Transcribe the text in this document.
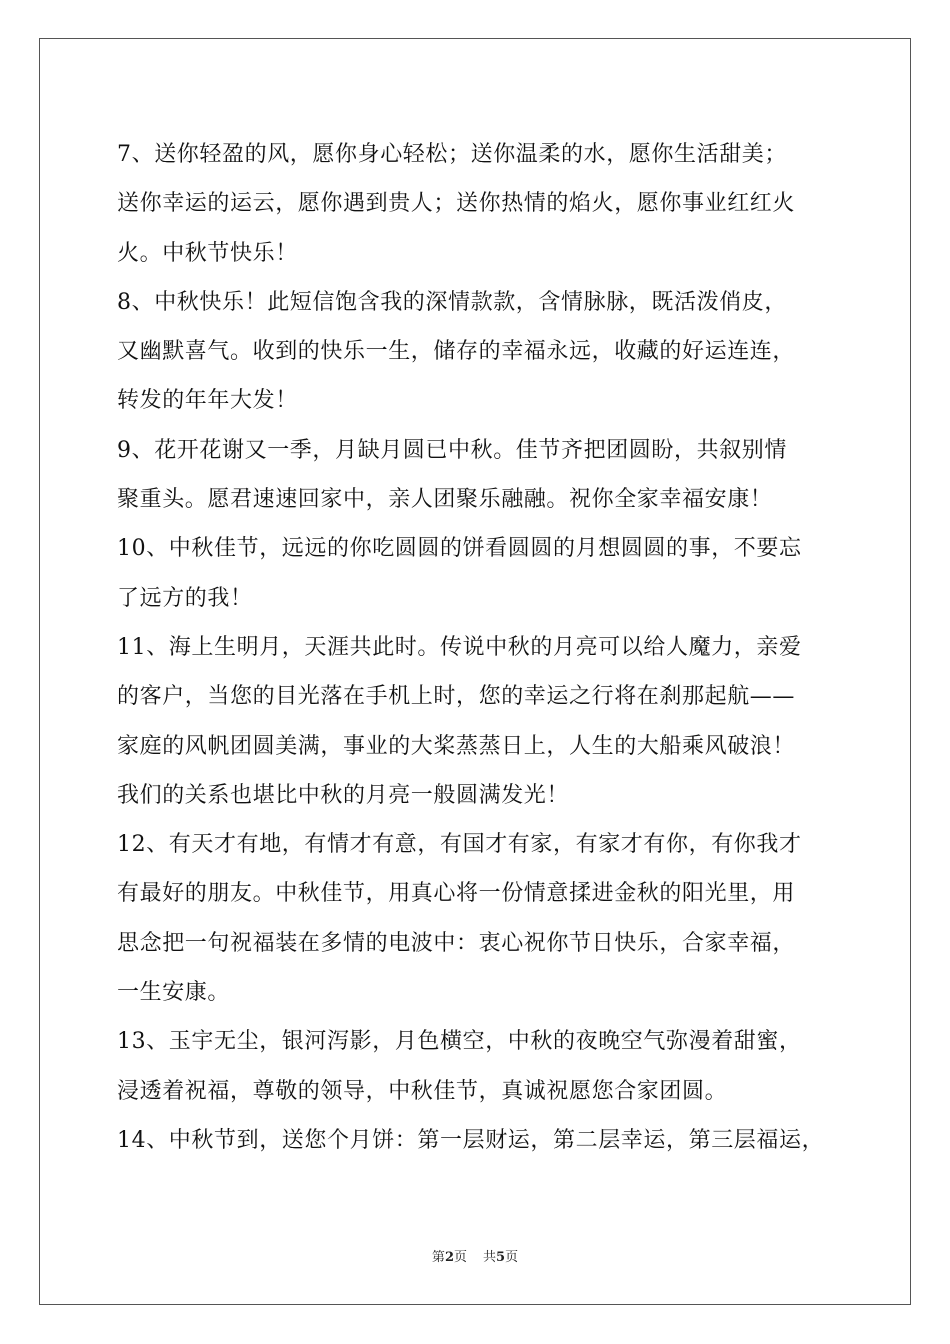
7、送你轻盈的风，愿你身心轻松；送你温柔的水，愿你生活甜美；
送你幸运的运云，愿你遇到贵人；送你热情的焰火，愿你事业红红火
火。中秋节快乐！
8、中秋快乐！此短信饱含我的深情款款，含情脉脉，既活泼俏皮，
又幽默喜气。收到的快乐一生，储存的幸福永远，收藏的好运连连，
转发的年年大发！
9、花开花谢又一季，月缺月圆已中秋。佳节齐把团圆盼，共叙别情
聚重头。愿君速速回家中，亲人团聚乐融融。祝你全家幸福安康！
10、中秋佳节，远远的你吃圆圆的饼看圆圆的月想圆圆的事，不要忘
了远方的我！
11、海上生明月，天涯共此时。传说中秋的月亮可以给人魔力，亲爱
的客户，当您的目光落在手机上时，您的幸运之行将在刹那起航——
家庭的风帆团圆美满，事业的大桨蒸蒸日上，人生的大船乘风破浪！
我们的关系也堪比中秋的月亮一般圆满发光！
12、有天才有地，有情才有意，有国才有家，有家才有你，有你我才
有最好的朋友。中秋佳节，用真心将一份情意揉进金秋的阳光里，用
思念把一句祝福装在多情的电波中：衷心祝你节日快乐，合家幸福，
一生安康。
13、玉宇无尘，银河泻影，月色横空，中秋的夜晚空气弥漫着甜蜜，
浸透着祝福，尊敬的领导，中秋佳节，真诚祝愿您合家团圆。
14、中秋节到，送您个月饼：第一层财运，第二层幸运，第三层福运，
第2页 共5页
